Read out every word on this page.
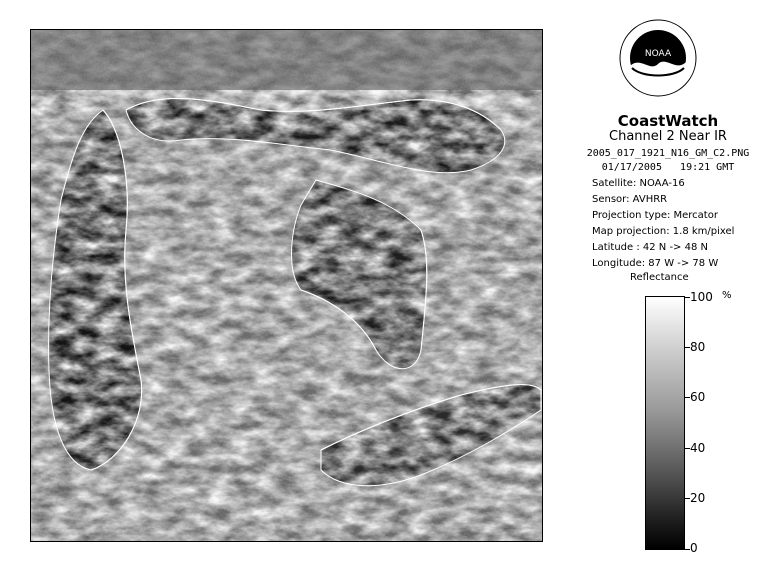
NOAA
CoastWatch
Channel 2 Near IR
2005_017_1921_N16_GM_C2.PNG
01/17/2005 19:21 GMT
Satellite: NOAA-16
Sensor: AVHRR
Projection type: Mercator
Map projection: 1.8 km/pixel
Latitude : 42 N -> 48 N
Longitude: 87 W -> 78 W
Reflectance
%
100
80
60
40
20
0
